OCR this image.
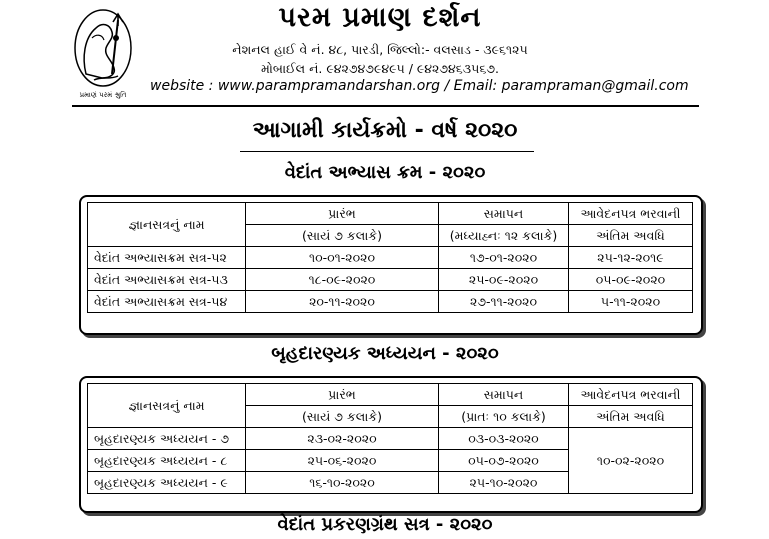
પ્રમાણં પરમં શ્રુતિ
પરમ પ્રમાણ દર્શન
નેશનલ હાઈ વે નં. ૪૮, પારડી, જિલ્લો:- વલસાડ - ૩૯૬૧૨૫
મોબાઈલ નં. ૯૪૨૭૪૭૯૪૯૫ / ૯૪૨૭૪૬૩૫૬૭.
website : www.parampramandarshan.org / Email: parampraman@gmail.com
આગામી કાર્યક્રમો - વર્ષ ૨૦૨૦
વેદાંત અભ્યાસ ક્રમ - ૨૦૨૦
જ્ઞાનસત્રનું નામ	પ્રારંભ	સમાપન	આવેદનપત્ર ભરવાની
	(સાયં ૭ કલાકે)	(મધ્યાહ્નઃ ૧૨ કલાકે)	અંતિમ અવધિ
વેદાંત અભ્યાસક્રમ સત્ર-૫૨	૧૦-૦૧-૨૦૨૦	૧૭-૦૧-૨૦૨૦	૨૫-૧૨-૨૦૧૯
વેદાંત અભ્યાસક્રમ સત્ર-૫૩	૧૮-૦૯-૨૦૨૦	૨૫-૦૯-૨૦૨૦	૦૫-૦૯-૨૦૨૦
વેદાંત અભ્યાસક્રમ સત્ર-૫૪	૨૦-૧૧-૨૦૨૦	૨૭-૧૧-૨૦૨૦	૫-૧૧-૨૦૨૦
બૃહદારણ્યક અધ્યયન - ૨૦૨૦
જ્ઞાનસત્રનું નામ	પ્રારંભ	સમાપન	આવેદનપત્ર ભરવાની
	(સાયં ૭ કલાકે)	(પ્રાતઃ ૧૦ કલાકે)	અંતિમ અવધિ
બૃહદારણ્યક અધ્યયન - ૭	૨૩-૦૨-૨૦૨૦	૦૩-૦૩-૨૦૨૦	૧૦-૦૨-૨૦૨૦
બૃહદારણ્યક અધ્યયન - ૮	૨૫-૦૬-૨૦૨૦	૦૫-૦૭-૨૦૨૦	
બૃહદારણ્યક અધ્યયન - ૯	૧૬-૧૦-૨૦૨૦	૨૫-૧૦-૨૦૨૦	
વેદાંત પ્રકરણગ્રંથ સત્ર - ૨૦૨૦
